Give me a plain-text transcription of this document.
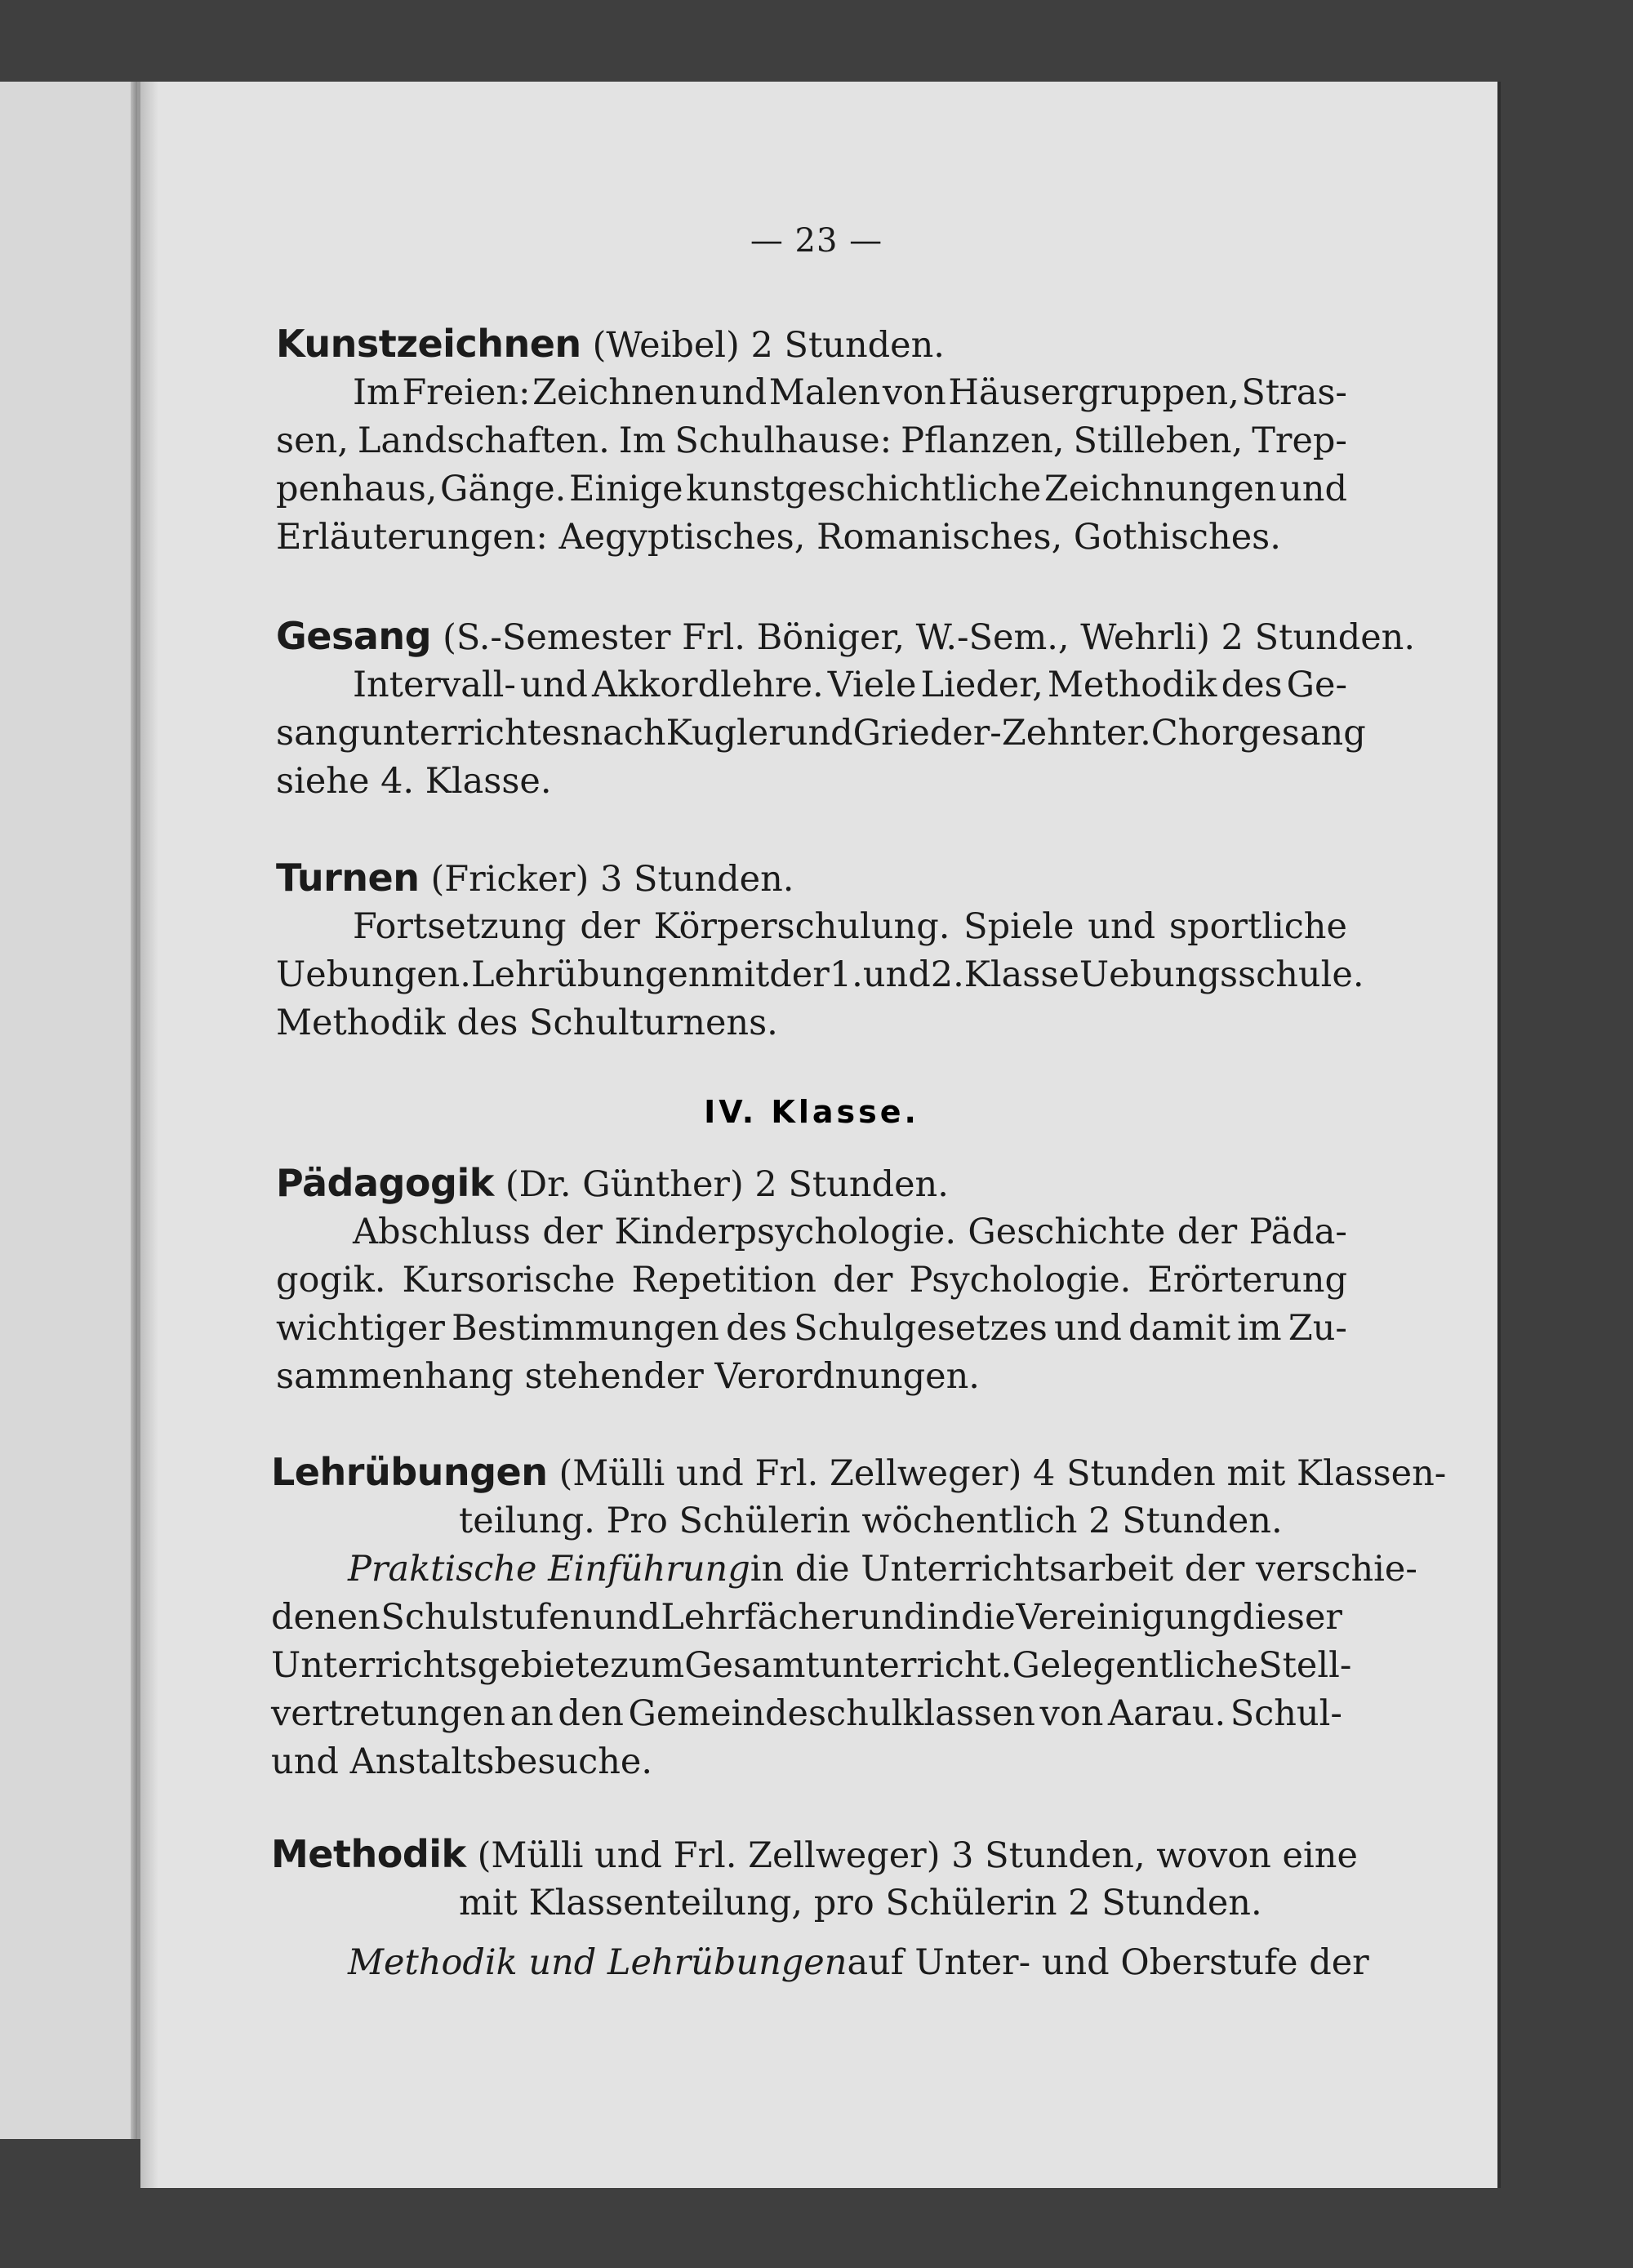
— 23 —
Kunstzeichnen (Weibel) 2 Stunden.
Im Freien: Zeichnen und Malen von Häusergruppen, Stras-
sen, Landschaften. Im Schulhause: Pflanzen, Stilleben, Trep-
penhaus, Gänge. Einige kunstgeschichtliche Zeichnungen und
Erläuterungen: Aegyptisches, Romanisches, Gothisches.
Gesang (S.-Semester Frl. Böniger, W.-Sem., Wehrli) 2 Stunden.
Intervall- und Akkordlehre. Viele Lieder, Methodik des Ge-
sangunterrichtes nach Kugler und Grieder-Zehnter. Chorgesang
siehe 4. Klasse.
Turnen (Fricker) 3 Stunden.
Fortsetzung der Körperschulung. Spiele und sportliche
Uebungen. Lehrübungen mit der 1. und 2. Klasse Uebungsschule.
Methodik des Schulturnens.
IV. Klasse.
Pädagogik (Dr. Günther) 2 Stunden.
Abschluss der Kinderpsychologie. Geschichte der Päda-
gogik. Kursorische Repetition der Psychologie. Erörterung
wichtiger Bestimmungen des Schulgesetzes und damit im Zu-
sammenhang stehender Verordnungen.
Lehrübungen (Mülli und Frl. Zellweger) 4 Stunden mit Klassen-
teilung. Pro Schülerin wöchentlich 2 Stunden.
Praktische Einführung in die Unterrichtsarbeit der verschie-
denen Schulstufen und Lehrfächer und in die Vereinigung dieser
Unterrichtsgebiete zum Gesamtunterricht. Gelegentliche Stell-
vertretungen an den Gemeindeschulklassen von Aarau. Schul-
und Anstaltsbesuche.
Methodik (Mülli und Frl. Zellweger) 3 Stunden, wovon eine
mit Klassenteilung, pro Schülerin 2 Stunden.
Methodik und Lehrübungen auf Unter- und Oberstufe der
